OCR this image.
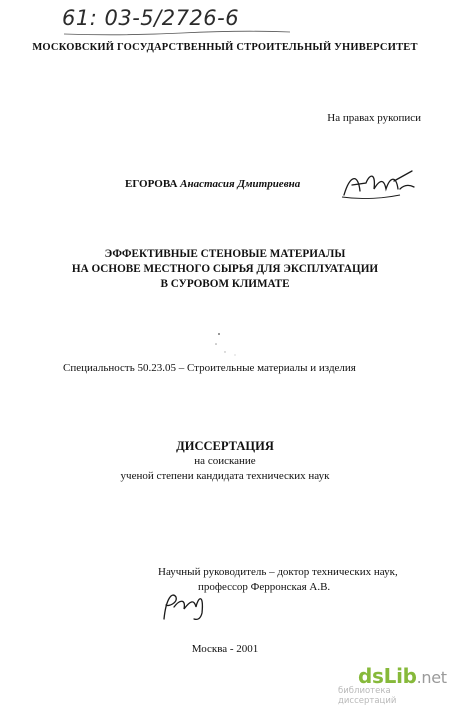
61: 03-5/2726-6
МОСКОВСКИЙ ГОСУДАРСТВЕННЫЙ СТРОИТЕЛЬНЫЙ УНИВЕРСИТЕТ
На правах рукописи
ЕГОРОВА Анастасия Дмитриевна
ЭФФЕКТИВНЫЕ СТЕНОВЫЕ МАТЕРИАЛЫ
НА ОСНОВЕ МЕСТНОГО СЫРЬЯ ДЛЯ ЭКСПЛУАТАЦИИ
В СУРОВОМ КЛИМАТЕ
Специальность 50.23.05 – Строительные материалы и изделия
ДИССЕРТАЦИЯ
на соискание
ученой степени кандидата технических наук
Научный руководитель – доктор технических наук,
профессор Ферронская А.В.
Москва - 2001
dsLib.net
библиотека диссертаций
